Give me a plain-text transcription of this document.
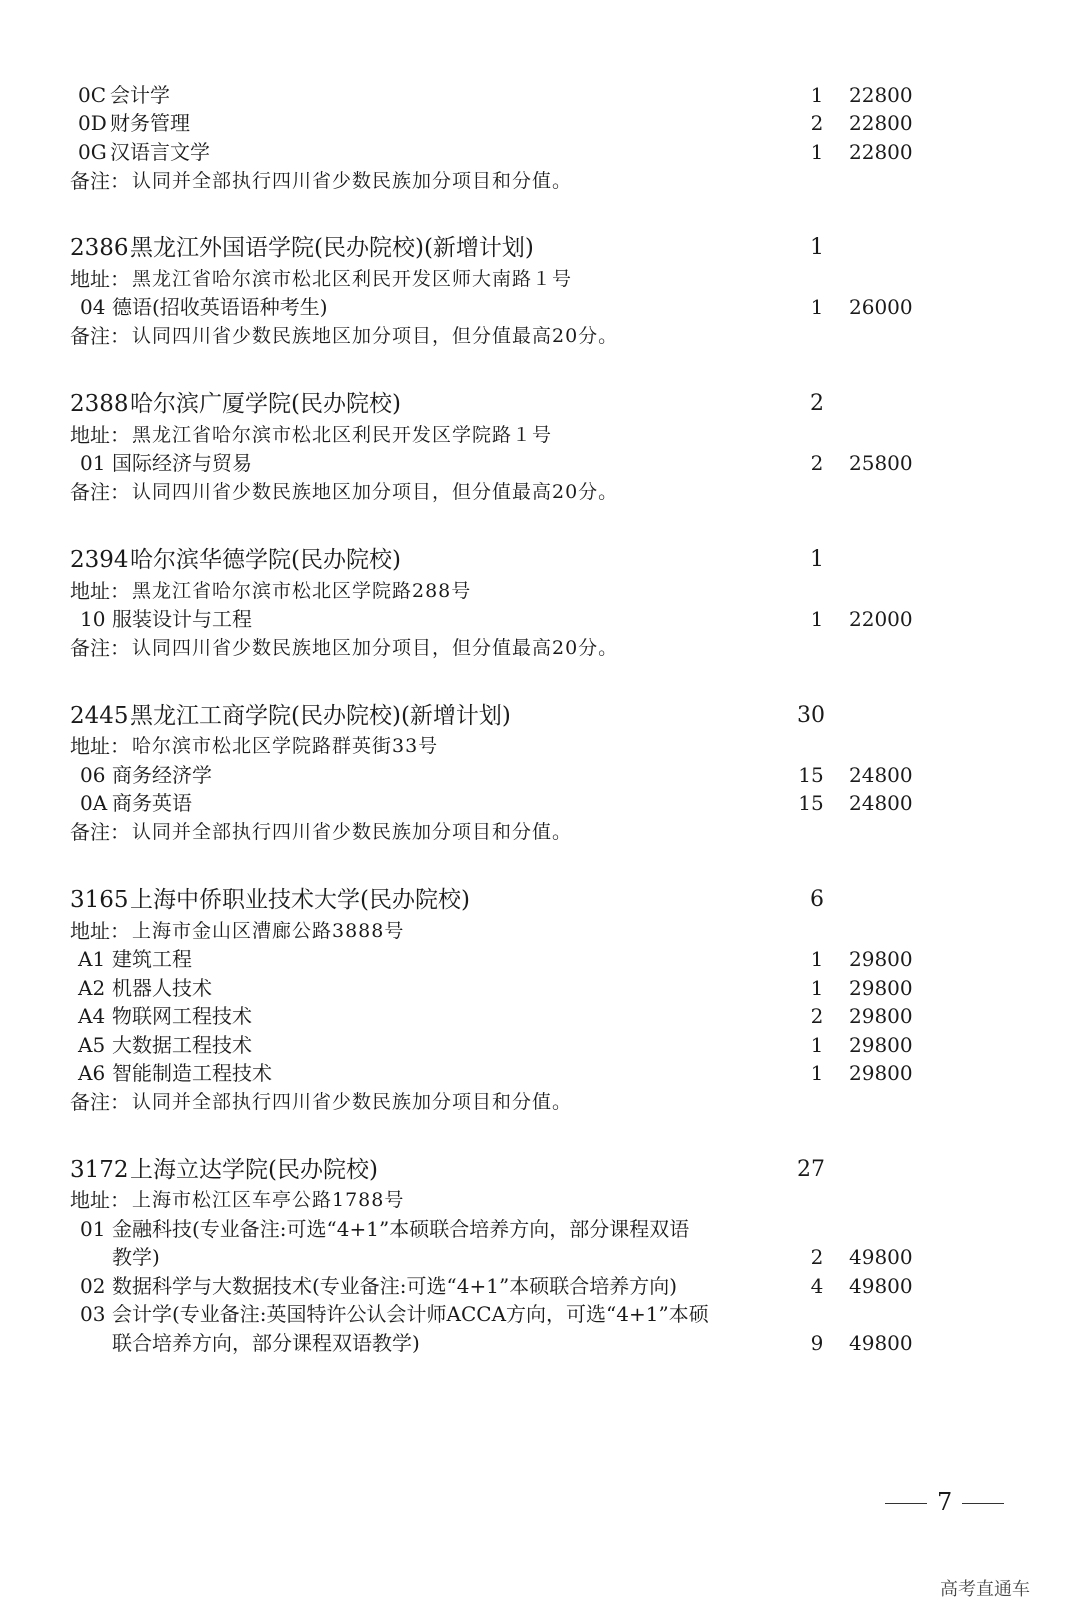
0C 会计学	1	22800
0D 财务管理	2	22800
0G 汉语言文学	1	22800
备注： 认同并全部执行四川省少数民族加分项目和分值。
2386 黑龙江外国语学院(民办院校)(新增计划)	1
地址： 黑龙江省哈尔滨市松北区利民开发区师大南路１号
04 德语(招收英语语种考生)	1	26000
备注： 认同四川省少数民族地区加分项目，但分值最高20分。
2388 哈尔滨广厦学院(民办院校)	2
地址： 黑龙江省哈尔滨市松北区利民开发区学院路１号
01 国际经济与贸易	2	25800
备注： 认同四川省少数民族地区加分项目，但分值最高20分。
2394 哈尔滨华德学院(民办院校)	1
地址： 黑龙江省哈尔滨市松北区学院路288号
10 服装设计与工程	1	22000
备注： 认同四川省少数民族地区加分项目，但分值最高20分。
2445 黑龙江工商学院(民办院校)(新增计划)	30
地址： 哈尔滨市松北区学院路群英街33号
06 商务经济学	15	24800
0A 商务英语	15	24800
备注： 认同并全部执行四川省少数民族加分项目和分值。
3165 上海中侨职业技术大学(民办院校)	6
地址： 上海市金山区漕廊公路3888号
A1 建筑工程	1	29800
A2 机器人技术	1	29800
A4 物联网工程技术	2	29800
A5 大数据工程技术	1	29800
A6 智能制造工程技术	1	29800
备注： 认同并全部执行四川省少数民族加分项目和分值。
3172 上海立达学院(民办院校)	27
地址： 上海市松江区车亭公路1788号
01 金融科技(专业备注:可选“4+1”本硕联合培养方向，部分课程双语
教学)	2	49800
02 数据科学与大数据技术(专业备注:可选“4+1”本硕联合培养方向)	4	49800
03 会计学(专业备注:英国特许公认会计师ACCA方向，可选“4+1”本硕
联合培养方向，部分课程双语教学)	9	49800
7
高考直通车
